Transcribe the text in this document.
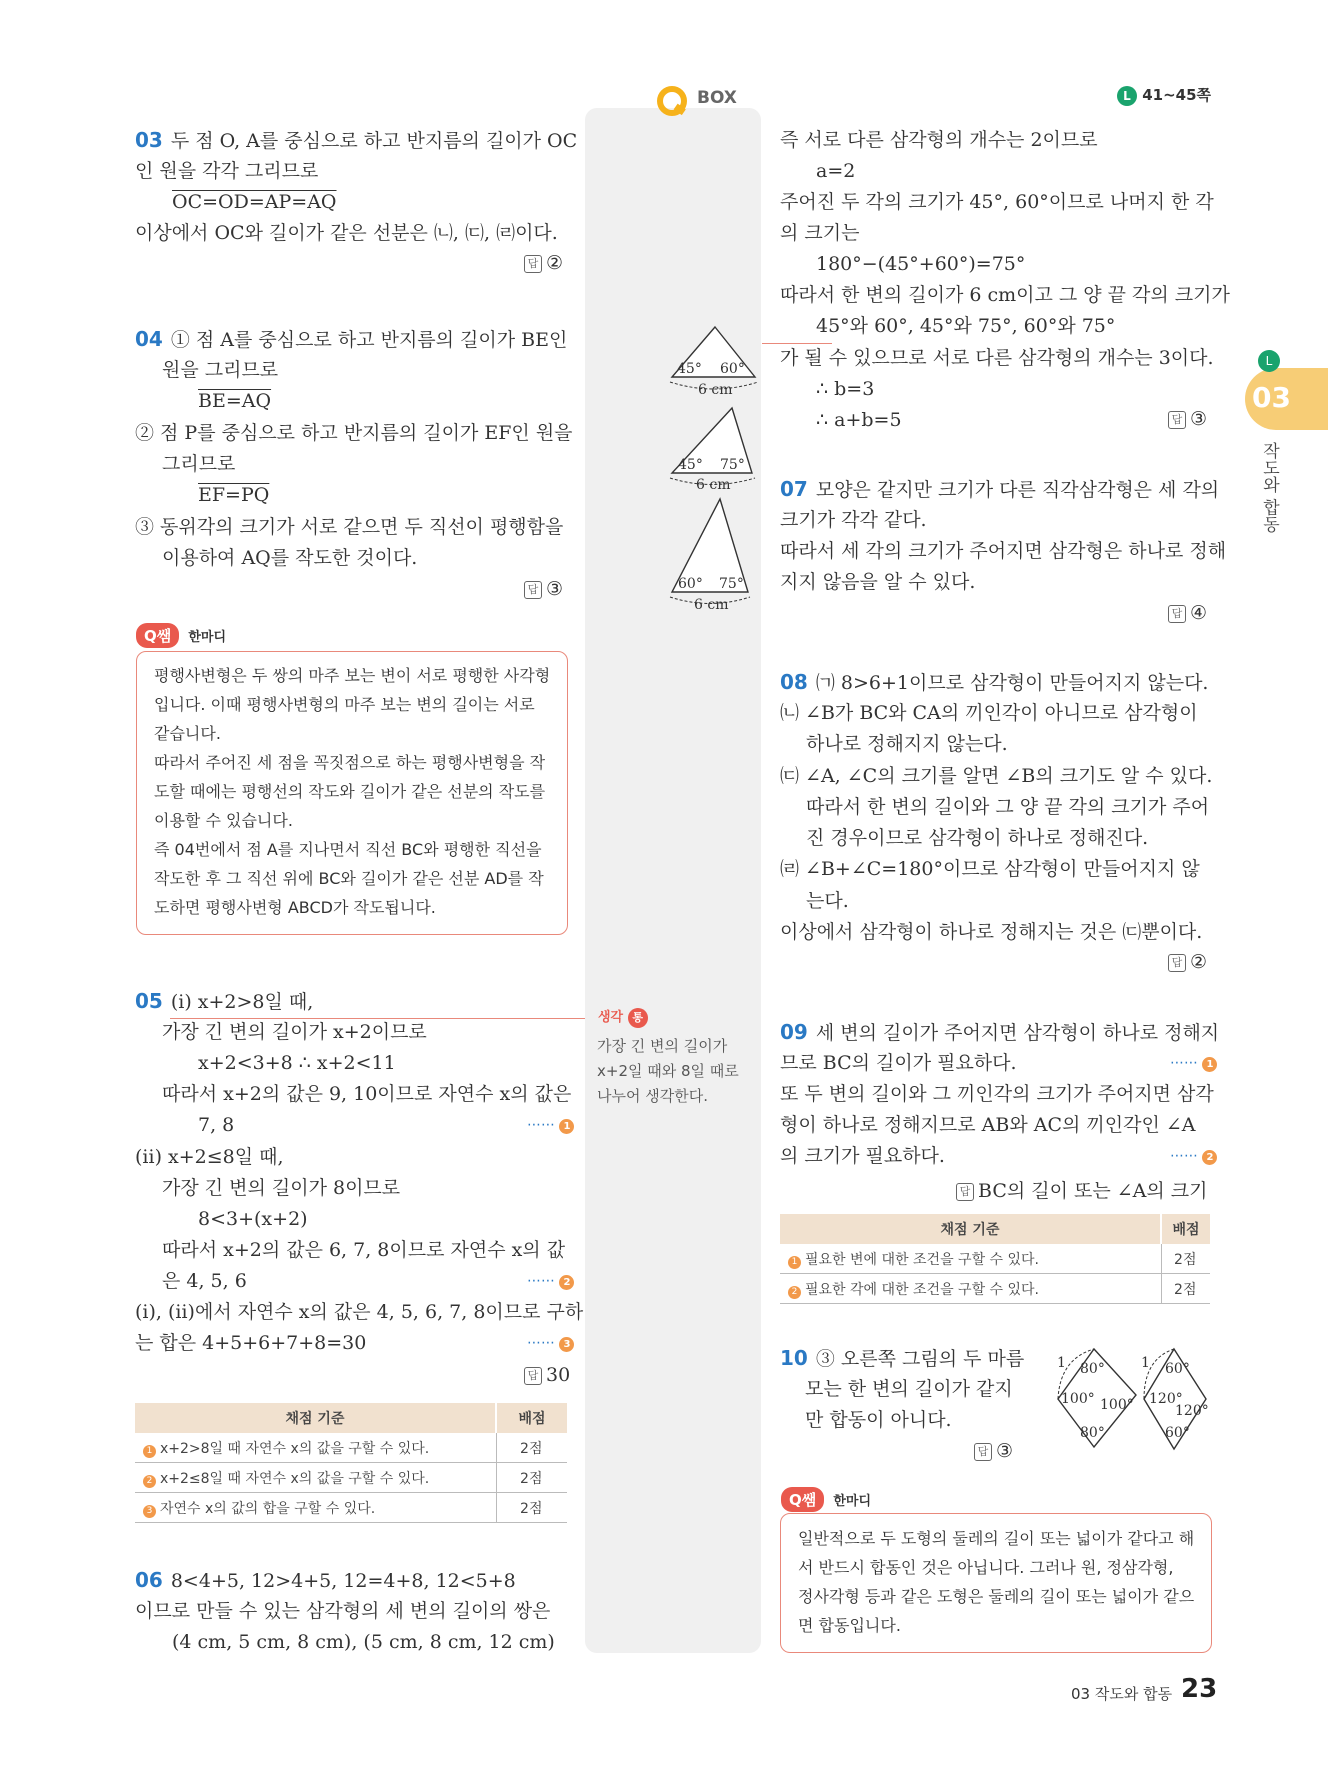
BOX	L 41~45쪽
L
03
작도와 합동
03 두 점 O, A를 중심으로 하고 반지름의 길이가 OC
인 원을 각각 그리므로
OC=OD=AP=AQ
이상에서 OC와 길이가 같은 선분은 ㈁, ㈂, ㈃이다.
답 ②
04 ① 점 A를 중심으로 하고 반지름의 길이가 BE인
원을 그리므로
BE=AQ
② 점 P를 중심으로 하고 반지름의 길이가 EF인 원을
그리므로
EF=PQ
③ 동위각의 크기가 서로 같으면 두 직선이 평행함을
이용하여 AQ를 작도한 것이다.
답 ③
Q쌤 한마디
평행사변형은 두 쌍의 마주 보는 변이 서로 평행한 사각형
입니다. 이때 평행사변형의 마주 보는 변의 길이는 서로
같습니다.
따라서 주어진 세 점을 꼭짓점으로 하는 평행사변형을 작
도할 때에는 평행선의 작도와 길이가 같은 선분의 작도를
이용할 수 있습니다.
즉 04번에서 점 A를 지나면서 직선 BC와 평행한 직선을
작도한 후 그 직선 위에 BC와 길이가 같은 선분 AD를 작
도하면 평행사변형 ABCD가 작도됩니다.
05 (ⅰ) x+2>8일 때,
가장 긴 변의 길이가 x+2이므로
x+2<3+8 ∴ x+2<11
따라서 x+2의 값은 9, 10이므로 자연수 x의 값은
7, 8	⋯⋯ 1
(ⅱ) x+2≤8일 때,
가장 긴 변의 길이가 8이므로
8<3+(x+2)
따라서 x+2의 값은 6, 7, 8이므로 자연수 x의 값
은 4, 5, 6	⋯⋯ 2
(ⅰ), (ⅱ)에서 자연수 x의 값은 4, 5, 6, 7, 8이므로 구하
는 합은 4+5+6+7+8=30	⋯⋯ 3
답 30
채점 기준	배점
1 x+2>8일 때 자연수 x의 값을 구할 수 있다.	2점
2 x+2≤8일 때 자연수 x의 값을 구할 수 있다.	2점
3 자연수 x의 값의 합을 구할 수 있다.	2점
06 8<4+5, 12>4+5, 12=4+8, 12<5+8
이므로 만들 수 있는 삼각형의 세 변의 길이의 쌍은
(4 cm, 5 cm, 8 cm), (5 cm, 8 cm, 12 cm)
45° 60°
6 cm
45° 75°
6 cm
60° 75°
6 cm
생각 통
가장 긴 변의 길이가
x+2일 때와 8일 때로
나누어 생각한다.
즉 서로 다른 삼각형의 개수는 2이므로
a=2
주어진 두 각의 크기가 45°, 60°이므로 나머지 한 각
의 크기는
180°−(45°+60°)=75°
따라서 한 변의 길이가 6 cm이고 그 양 끝 각의 크기가
45°와 60°, 45°와 75°, 60°와 75°
가 될 수 있으므로 서로 다른 삼각형의 개수는 3이다.
∴ b=3
∴ a+b=5	답 ③
07 모양은 같지만 크기가 다른 직각삼각형은 세 각의
크기가 각각 같다.
따라서 세 각의 크기가 주어지면 삼각형은 하나로 정해
지지 않음을 알 수 있다.
답 ④
08 ㈀ 8>6+1이므로 삼각형이 만들어지지 않는다.
㈁ ∠B가 BC와 CA의 끼인각이 아니므로 삼각형이
하나로 정해지지 않는다.
㈂ ∠A, ∠C의 크기를 알면 ∠B의 크기도 알 수 있다.
따라서 한 변의 길이와 그 양 끝 각의 크기가 주어
진 경우이므로 삼각형이 하나로 정해진다.
㈃ ∠B+∠C=180°이므로 삼각형이 만들어지지 않
는다.
이상에서 삼각형이 하나로 정해지는 것은 ㈂뿐이다.
답 ②
09 세 변의 길이가 주어지면 삼각형이 하나로 정해지
므로 BC의 길이가 필요하다.	⋯⋯ 1
또 두 변의 길이와 그 끼인각의 크기가 주어지면 삼각
형이 하나로 정해지므로 AB와 AC의 끼인각인 ∠A
의 크기가 필요하다.	⋯⋯ 2
답 BC의 길이 또는 ∠A의 크기
채점 기준	배점
1 필요한 변에 대한 조건을 구할 수 있다.	2점
2 필요한 각에 대한 조건을 구할 수 있다.	2점
10 ③ 오른쪽 그림의 두 마름
모는 한 변의 길이가 같지
만 합동이 아니다.
답 ③
1 80°
100° 100°
80°
1 60°
120°
120°
60°
Q쌤 한마디
일반적으로 두 도형의 둘레의 길이 또는 넓이가 같다고 해
서 반드시 합동인 것은 아닙니다. 그러나 원, 정삼각형,
정사각형 등과 같은 도형은 둘레의 길이 또는 넓이가 같으
면 합동입니다.
03 작도와 합동 23
